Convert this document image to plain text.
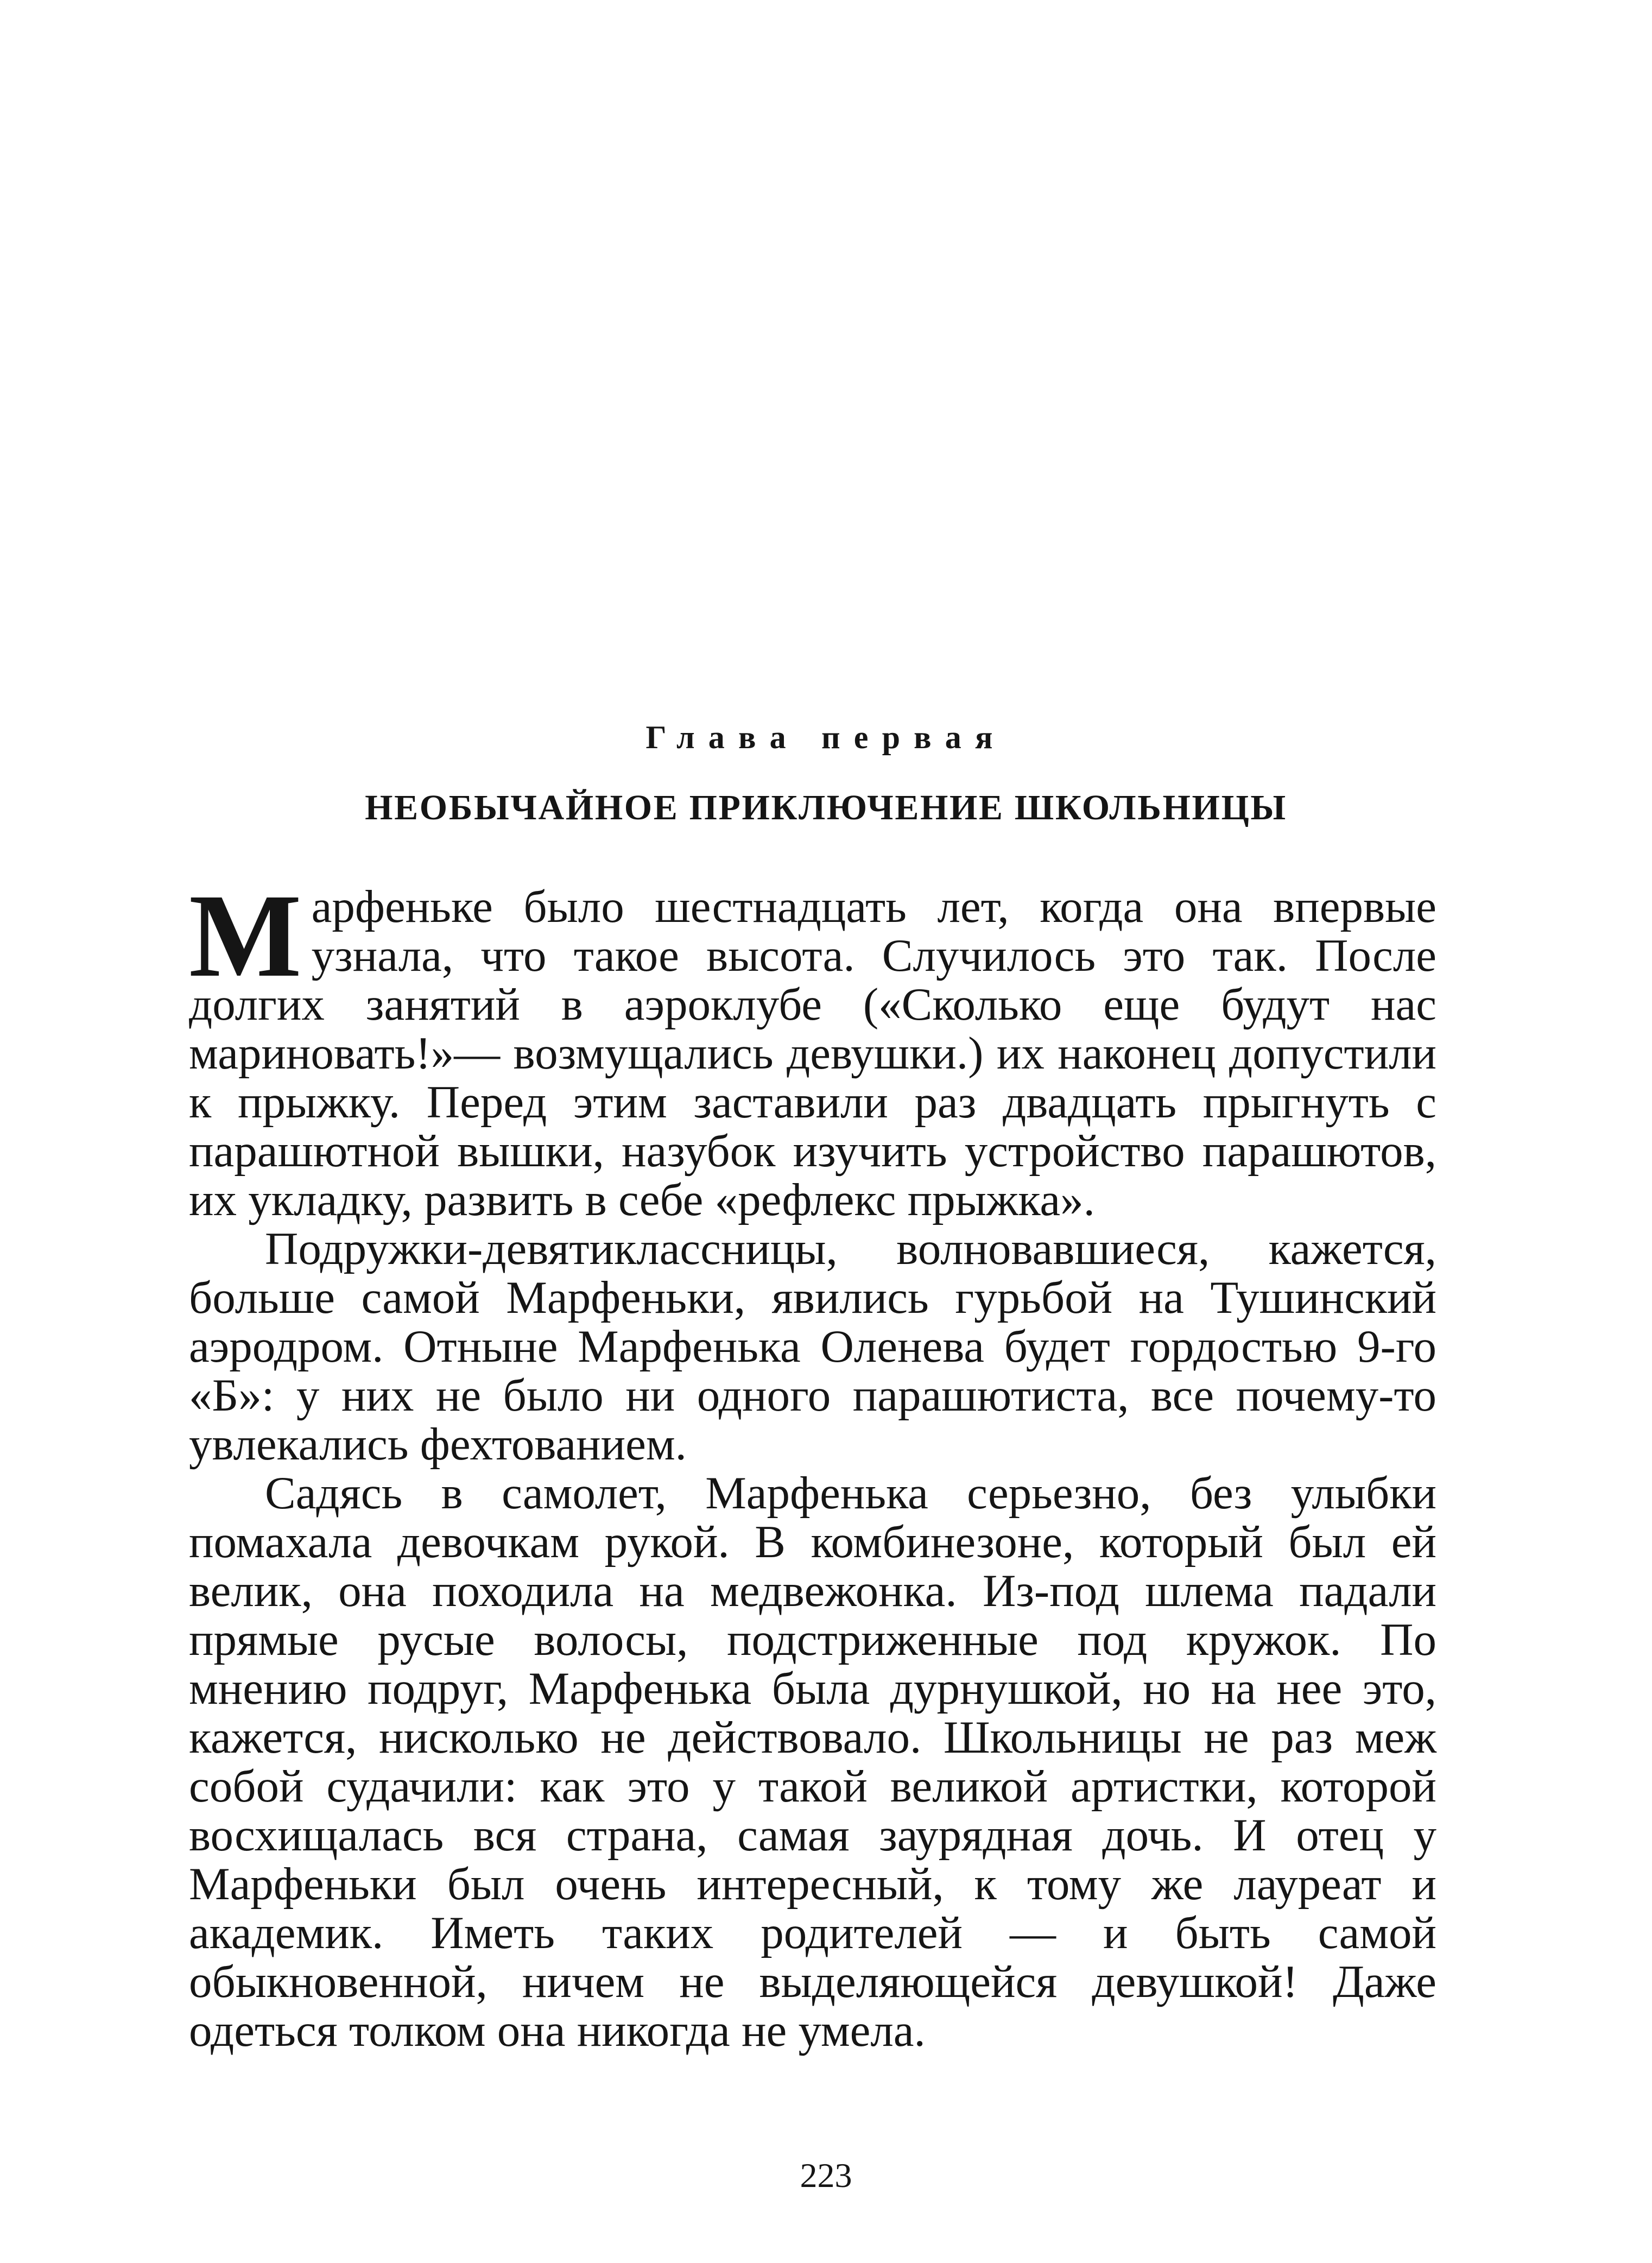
Глава первая
НЕОБЫЧАЙНОЕ ПРИКЛЮЧЕНИЕ ШКОЛЬНИЦЫ

Марфеньке было шестнадцать лет, когда она впервые узнала, что такое высота. Случилось это так. После долгих занятий в аэроклубе («Сколько еще будут нас мариновать!»— возмущались девушки.) их наконец допустили к прыжку. Перед этим заставили раз двадцать прыгнуть с парашютной вышки, назубок изучить устройство парашютов, их укладку, развить в себе «рефлекс прыжка».

Подружки-девятиклассницы, волновавшиеся, кажется, больше самой Марфеньки, явились гурьбой на Тушинский аэродром. Отныне Марфенька Оленева будет гордостью 9-го «Б»: у них не было ни одного парашютиста, все почему-то увлекались фехтованием.

Садясь в самолет, Марфенька серьезно, без улыбки помахала девочкам рукой. В комбинезоне, который был ей велик, она походила на медвежонка. Из-под шлема падали прямые русые волосы, подстриженные под кружок. По мнению подруг, Марфенька была дурнушкой, но на нее это, кажется, нисколько не действовало. Школьницы не раз меж собой судачили: как это у такой великой артистки, которой восхищалась вся страна, самая заурядная дочь. И отец у Марфеньки был очень интересный, к тому же лауреат и академик. Иметь таких родителей — и быть самой обыкновенной, ничем не выделяющейся девушкой! Даже одеться толком она никогда не умела.

223
